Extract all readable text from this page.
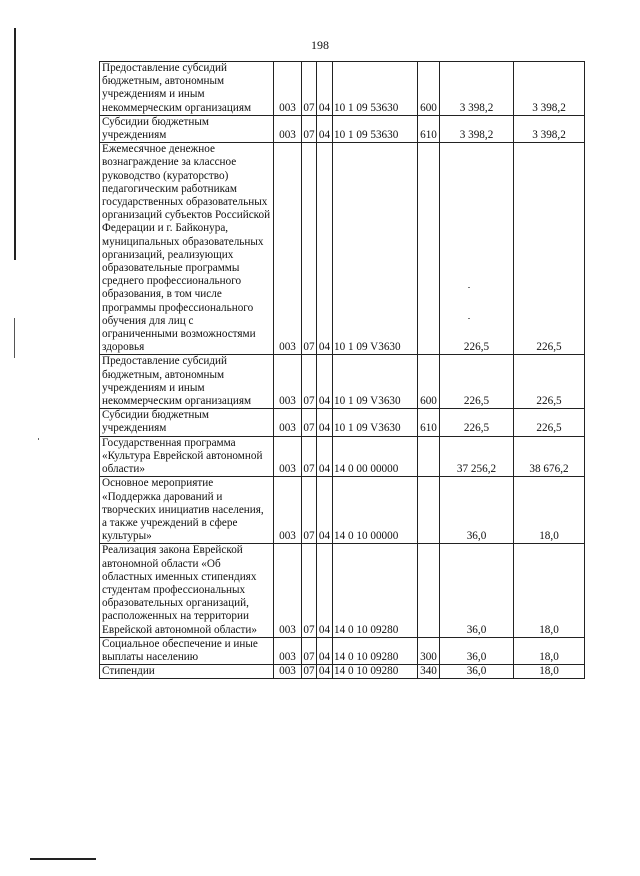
198
Предоставление субсидий бюджетным, автономным учреждениям и иным некоммерческим организациям	003	07	04	10 1 09 53630	600	3 398,2	3 398,2
Субсидии бюджетным учреждениям	003	07	04	10 1 09 53630	610	3 398,2	3 398,2
Ежемесячное денежное вознаграждение за классное руководство (кураторство) педагогическим работникам государственных образовательных организаций субъектов Российской Федерации и г. Байконура, муниципальных образовательных организаций, реализующих образовательные программы среднего профессионального образования, в том числе программы профессионального обучения для лиц с ограниченными возможностями здоровья	003	07	04	10 1 09 V3630		226,5	226,5
Предоставление субсидий бюджетным, автономным учреждениям и иным некоммерческим организациям	003	07	04	10 1 09 V3630	600	226,5	226,5
Субсидии бюджетным учреждениям	003	07	04	10 1 09 V3630	610	226,5	226,5
Государственная программа «Культура Еврейской автономной области»	003	07	04	14 0 00 00000		37 256,2	38 676,2
Основное мероприятие «Поддержка дарований и творческих инициатив населения, а также учреждений в сфере культуры»	003	07	04	14 0 10 00000		36,0	18,0
Реализация закона Еврейской автономной области «Об областных именных стипендиях студентам профессиональных образовательных организаций, расположенных на территории Еврейской автономной области»	003	07	04	14 0 10 09280		36,0	18,0
Социальное обеспечение и иные выплаты населению	003	07	04	14 0 10 09280	300	36,0	18,0
Стипендии	003	07	04	14 0 10 09280	340	36,0	18,0
